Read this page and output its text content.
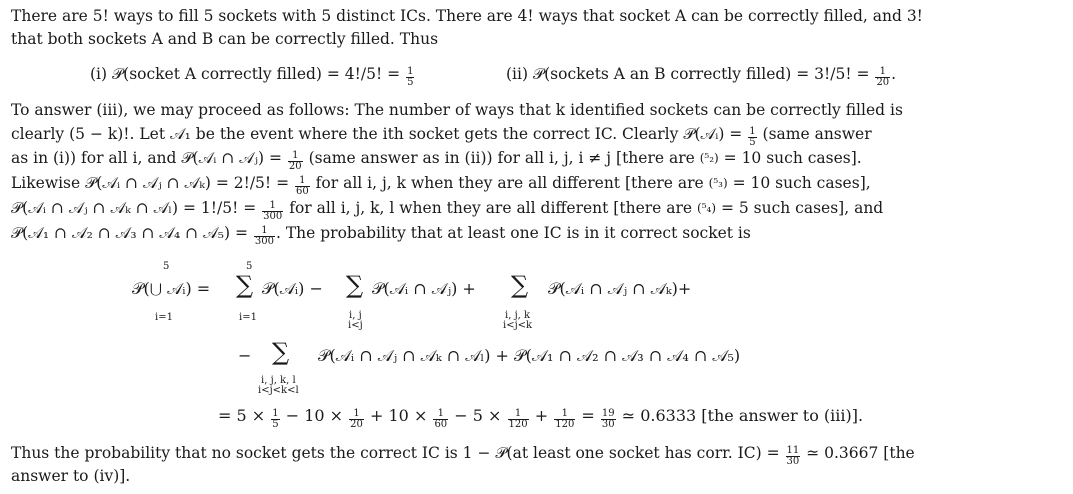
There are 5! ways to fill 5 sockets with 5 distinct ICs. There are 4! ways that socket A can be correctly filled, and 3!
that both sockets A and B can be correctly filled. Thus
(i) 𝒫(socket A correctly filled) = 4!/5! = $\frac{1}{5}$	(ii) 𝒫(sockets A an B correctly filled) = 3!/5! = $\frac{1}{20}$ .
To answer (iii), we may proceed as follows: The number of ways that k identified sockets can be correctly filled is
clearly (5 − k)!. Let 𝒜₁ be the event where the ith socket gets the correct IC. Clearly 𝒫(𝒜ᵢ) = $\frac{1}{5}$ (same answer
as in (i)) for all i, and 𝒫(𝒜ᵢ ∩ 𝒜ⱼ) = $\frac{1}{20}$ (same answer as in (ii)) for all i, j, i ≠ j [there are (⁵₂) = 10 such cases].
Likewise 𝒫(𝒜ᵢ ∩ 𝒜ⱼ ∩ 𝒜ₖ) = 2!/5! = $\frac{1}{60}$ for all i, j, k when they are all different [there are (⁵₃) = 10 such cases],
𝒫(𝒜ᵢ ∩ 𝒜ⱼ ∩ 𝒜ₖ ∩ 𝒜ₗ) = 1!/5! = $\frac{1}{300}$ for all i, j, k, l when they are all different [there are (⁵₄) = 5 such cases], and
𝒫(𝒜₁ ∩ 𝒜₂ ∩ 𝒜₃ ∩ 𝒜₄ ∩ 𝒜₅) = $\frac{1}{300}$ . The probability that at least one IC is in it correct socket is
𝒫(⋃ 𝒜ᵢ) =
5
i=1
∑
5
i=1
𝒫(𝒜ᵢ) − ∑
i, j
i<j
𝒫(𝒜ᵢ ∩ 𝒜ⱼ) + ∑
i, j, k
i<j<k
𝒫(𝒜ᵢ ∩ 𝒜ⱼ ∩ 𝒜ₖ)+
− ∑
i, j, k, l
i<j<k<l
𝒫(𝒜ᵢ ∩ 𝒜ⱼ ∩ 𝒜ₖ ∩ 𝒜ₗ) + 𝒫(𝒜₁ ∩ 𝒜₂ ∩ 𝒜₃ ∩ 𝒜₄ ∩ 𝒜₅)
= $5 \times \frac{1}{5} - 10 \times \frac{1}{20} + 10 \times \frac{1}{60} - 5 \times \frac{1}{120} + \frac{1}{120} = \frac{19}{30}$ ≃ 0.6333 [the answer to (iii)].
Thus the probability that no socket gets the correct IC is 1 − 𝒫(at least one socket has corr. $IC) = \frac{11}{30}$ ≃ 0.3667 [the
answer to (iv)].
